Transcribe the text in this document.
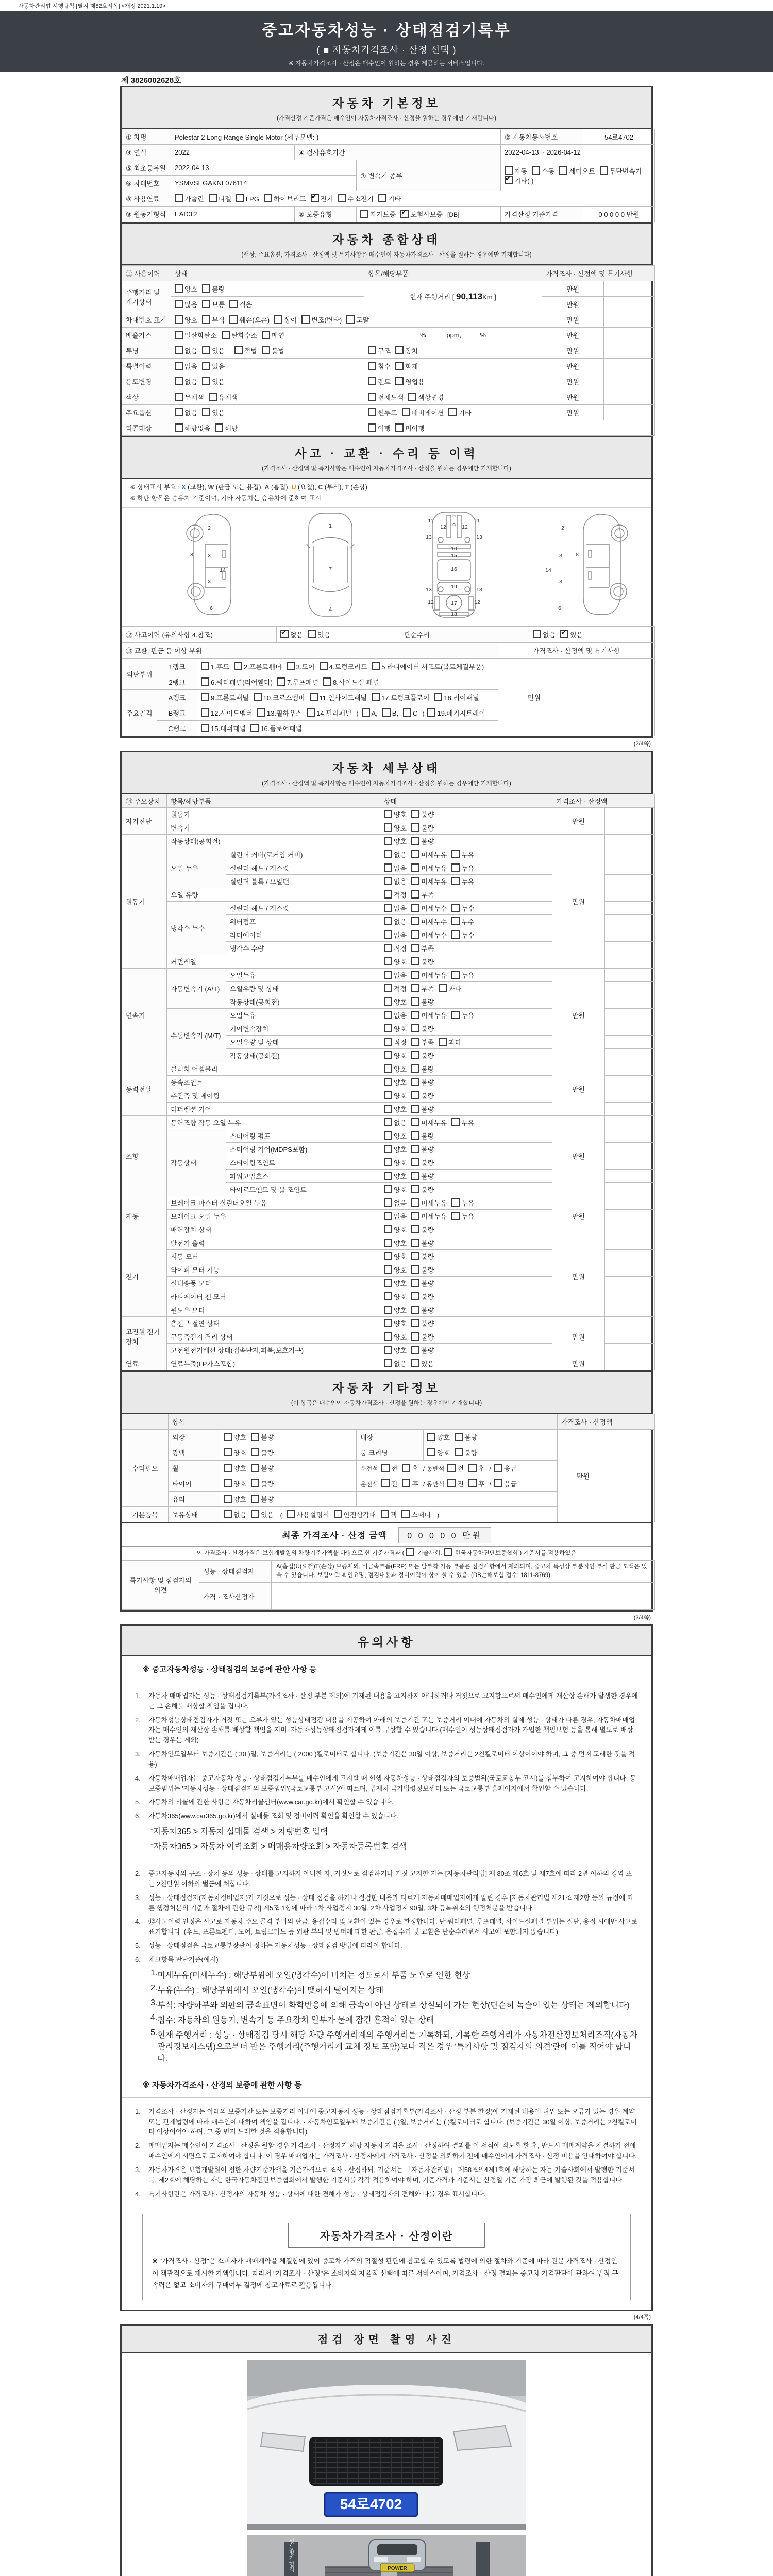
자동차관리법 시행규칙 [별지 제82호서식] <개정 2021.1.19>
중고자동차성능 · 상태점검기록부
( ■ 자동차가격조사 · 산정 선택 )
※ 자동차가격조사 · 산정은 매수인이 원하는 경우 제공하는 서비스입니다.
제 3826002628호
자동차 기본정보
(가격산정 기준가격은 매수인이 자동차가격조사 · 산정을 원하는 경우에만 기재합니다)
① 차명	Polestar 2 Long Range Single Motor (세부모델: )			② 자동차등록번호	54로4702
③ 연식	2022	④ 검사유효기간		2022-04-13 ~ 2026-04-12	
⑤ 최초등록일	2022-04-13		⑦ 변속기 종류	자동 수동 세미오토 무단변속기✔기타( )
⑥ 차대번호	YSMVSEGAKNL076114				
⑧ 사용연료	가솔린 디젤 LPG 하이브리드 ✔ 전기 수소전기 기타
⑨ 원동기형식	EAD3.2	⑩ 보증유형	자가보증 ✔ 보험사보증 [DB]	가격산정 기준가격	0 0 0 0 0 만원
자동차 종합상태
(색상, 주요옵션, 가격조사 · 산정액 및 특기사항은 매수인이 자동차가격조사 · 산정을 원하는 경우에만 기재합니다)
⑪ 사용이력	상태	항목/해당부품	가격조사 · 산정액 및 특기사항	
주행거리 및 계기상태	양호 불량	현재 주행거리 [ 90,113Km ]	만원	
	많음 보통 적음		만원	
차대번호 표기	양호 부식 훼손(오손) 상이 변조(변타) 도말		만원	
배출가스	일산화탄소 탄화수소 매연	%,          ppm,          %	만원	
튜닝	없음 있음 적법 불법	구조 장치	만원	
특별이력	없음 있음	침수 화재	만원	
용도변경	없음 있음	렌트 영업용	만원	
색상	무채색 유채색	전체도색 색상변경	만원	
주요옵션	없음 있음	썬루프 네비게이션 기타	만원	
리콜대상	해당없음 해당	이행 미이행		
사고 · 교환 · 수리 등 이력
(가격조사 · 산정액 및 특기사항은 매수인이 자동차가격조사 · 산정을 원하는 경우에만 기재합니다)
※ 상태표시 부호 : X (교환), W (판금 또는 용접), A (흠집), U (요철), C (부식), T (손상)
※ 하단 항목은 승용차 기준이며, 기타 자동차는 승용차에 준하여 표시
2
8	3
14
3
6
1
7
4
5
9
11	11
13
12	12
13
10
15
16
13	19	13
12	17	12
18
2
8
3
14
3
6
⑫ 사고이력 (유의사항 4.참조)	✔없음 있음	단순수리	없음 ✔ 있음
⑬ 교환, 판금 등 이상 부위	가격조사 · 산정액 및 특기사항
외판부위	1랭크	1.후드 2.프론트휀더 3.도어 4.트렁크리드 5.라디에이터 서포트(볼트체결부품)	만원	
	2랭크	6.쿼터패널(리어휀다) 7.루프패널 8.사이드실 패널		
주요골격	A랭크	9.프론트패널 10.크로스멤버 11.인사이드패널 17.트렁크플로어 18.리어패널		
	B랭크	12.사이드멤버 13.휠하우스 14.필러패널 ( A, B, C ) 19.패키지트레이		
	C랭크	15.대쉬패널 16.플로어패널		
(2/4쪽)
자동차 세부상태
(가격조사 · 산정액 및 특기사항은 매수인이 자동차가격조사 · 산정을 원하는 경우에만 기재합니다)
⑭ 주요장치	항목/해당부품		상태	가격조사 · 산정액	
자기진단	원동기		양호 불량	만원	
	변속기		양호 불량		
원동기	작동상태(공회전)		양호 불량	만원	
	오일 누유	실린더 커버(로커암 커버)	없음 미세누유 누유		
		실린더 헤드 / 개스킷	없음 미세누유 누유		
		실린더 블록 / 오일팬	없음 미세누유 누유		
	오일 유량		적정 부족		
	냉각수 누수	실린더 헤드 / 개스킷	없음 미세누수 누수		
		워터펌프	없음 미세누수 누수		
		라디에이터	없음 미세누수 누수		
		냉각수 수량	적정 부족		
	커먼레일		양호 불량		
변속기	자동변속기 (A/T)	오일누유	없음 미세누유 누유	만원	
		오일유량 및 상태	적정 부족 과다		
		작동상태(공회전)	양호 불량		
	수동변속기 (M/T)	오일누유	없음 미세누유 누유		
		기어변속장치	양호 불량		
		오일유량 및 상태	적정 부족 과다		
		작동상태(공회전)	양호 불량		
동력전달	클러치 어셈블리		양호 불량	만원	
	등속죠인트		양호 불량		
	추진축 및 베어링		양호 불량		
	디퍼렌셜 기어		양호 불량		
조향	동력조향 작동 오일 누유		없음 미세누유 누유	만원	
	작동상태	스티어링 펌프	양호 불량		
		스티어링 기어(MDPS포함)	양호 불량		
		스티어링조인트	양호 불량		
		파워고압호스	양호 불량		
		타이로드엔드 및 볼 조인트	양호 불량		
제동	브레이크 마스터 실린더오일 누유		없음 미세누유 누유	만원	
	브레이크 오일 누유		없음 미세누유 누유		
	배력장치 상태		양호 불량		
전기	발전기 출력		양호 불량	만원	
	시동 모터		양호 불량		
	와이퍼 모터 기능		양호 불량		
	실내송풍 모터		양호 불량		
	라디에이터 팬 모터		양호 불량		
	윈도우 모터		양호 불량		
고전원 전기장치	충전구 절연 상태		양호 불량	만원	
	구동축전지 격리 상태		양호 불량		
	고전원전기배선 상태(접속단자,피복,보호기구)		양호 불량		
연료	연료누출(LP가스포함)		없음 있음	만원	
자동차 기타정보
(이 항목은 매수인이 자동차가격조사 · 산정을 원하는 경우에만 기재합니다)
	항목				가격조사 · 산정액	
수리필요	외장	양호 불량	내장	양호 불량	만원	
	광택	양호 불량	룸 크리닝	양호 불량		
	휠	양호 불량	운전석 전 후 / 동반석 전 후 / 응급			
	타이어	양호 불량	운전석 전 후 / 동반석 전 후 / 응급			
	유리	양호 불량				
기본품목	보유상태	없음 있음 ( 사용설명서 안전삼각대 잭 스패너 )				
최종 가격조사 · 산정 금액 0 0 0 0 0 만원
이 가격조사 · 산정가격은 보험개발원의 차량기준가액을 바탕으로 한 기준가격과 ( 기술사회, 한국자동차진단보증협회 ) 기준서를 적용하였음
특기사항 및 점검자의 의견	성능 · 상태점검자	A(흠집)U(요철)T(손상) 보증제외, 비금속부품(FRP) 또는 탈부착 가능 부품은 점검사항에서 제외되며, 중고차 특성상 부분적인 부식 판금 도색은 있을 수 있습니다. 보험이력 확인요망, 점검내용과 정비이력이 상이 할 수 있음. (DB손해보험 접수: 1811-8769)
	가격 · 조사산정자	
(3/4쪽)
유의사항
※ 중고자동차성능 · 상태점검의 보증에 관한 사항 등
1.	자동차 매매업자는 성능 · 상태점검기록부(가격조사 · 산정 부분 제외)에 기재된 내용을 고지하지 아니하거나 거짓으로 고지함으로써 매수인에게 재산상 손해가 발생한 경우에는 그 손해를 배상할 책임을 집니다.
2.	자동차성능상태점검자가 거짓 또는 오류가 있는 성능상태점검 내용을 제공하여 아래의 보증기간 또는 보증거리 이내에 자동차의 실제 성능 · 상태가 다른 경우, 자동차매매업자는 매수인의 재산상 손해를 배상할 책임을 지며, 자동차성능상태점검자에게 이를 구상할 수 있습니다.(매수인이 성능상태점검자가 가입한 책임보험 등을 통해 별도로 배상받는 경우는 제외)
3.	자동차인도일부터 보증기간은 ( 30 )일, 보증거리는 ( 2000 )킬로미터로 합니다. (보증기간은 30일 이상, 보증거리는 2천킬로미터 이상이어야 하며, 그 중 먼저 도래한 것을 적용)
4.	자동차매매업자는 중고자동차 성능 · 상태점검기록부를 매수인에게 고지할 때 현행 자동차성능 · 상태점검자의 보증범위(국토교통부 고시)를 첨부하여 고지하여야 합니다. 동 보증범위는 '자동차성능 · 상태점검자의 보증범위'(국토교통부 고시)에 따르며, 법제처 국가법령정보센터 또는 국토교통부 홈페이지에서 확인할 수 있습니다.
5.	자동차의 리콜에 관한 사항은 자동차리콜센터(www.car.go.kr)에서 확인할 수 있습니다.
6.	자동차365(www.car365.go.kr)에서 실매물 조회 및 정비이력 확인을 확인할 수 있습니다.
- 자동차365 > 자동차 실매물 검색 > 차량번호 입력
- 자동차365 > 자동차 이력조회 > 매매용차량조회 > 자동차등록번호 검색
2.	중고자동차의 구조 · 장치 등의 성능 · 상태를 고지하지 아니한 자, 거짓으로 점검하거나 거짓 고지한 자는 [자동차관리법] 제 80조 제6호 및 제7호에 따라 2년 이하의 징역 또는 2천만원 이하의 벌금에 처합니다.
3.	성능 · 상태점검자(자동차정비업자)가 거짓으로 성능 · 상태 점검을 하거나 점검한 내용과 다르게 자동차매매업자에게 알린 경우 [자동차관리법 제21조 제2항 등의 규정에 따른 행정처분의 기준과 절차에 관한 규칙] 제5조 1항에 따라 1차 사업정지 30일, 2차 사업정지 90일, 3차 등록취소의 행정처분을 받습니다.
4.	⑫사고이력 인정은 사고로 자동차 주요 골격 부위의 판금, 용접수리 및 교환이 있는 경우로 한정합니다. 단 쿼터패널, 루프패널, 사이드실패널 부위는 절단, 용접 시에만 사고로 표기합니다. (후드, 프론트펜더, 도어, 트렁크리드 등 외판 부위 및 범퍼에 대한 판금, 용접수리 및 교환은 단순수리로서 사고에 포함되지 않습니다)
5.	성능 · 상태점검은 국토교통부장관이 정하는 자동차성능 · 상태점검 방법에 따라야 합니다.
6.	체크항목 판단기준(예시)
1. 미세누유(미세누수) : 해당부위에 오일(냉각수)이 비치는 정도로서 부품 노후로 인한 현상
2. 누유(누수) : 해당부위에서 오일(냉각수)이 맺혀서 떨어지는 상태
3. 부식: 차량하부와 외판의 금속표면이 화학반응에 의해 금속이 아닌 상태로 상실되어 가는 현상(단순히 녹슬어 있는 상태는 제외합니다)
4. 침수: 자동차의 원동기, 변속기 등 주요장치 일부가 물에 잠긴 흔적이 있는 상태
5. 현재 주행거리 : 성능 · 상태점검 당시 해당 차량 주행거리계의 주행거리를 기록하되, 기록한 주행거리가 자동차전산정보처리조직(자동차관리정보시스템)으로부터 받은 주행거리(주행거리계 교체 정보 포함)보다 적은 경우 '특기사항 및 점검자의 의견'란에 이를 적어야 합니다.
※ 자동차가격조사 · 산정의 보증에 관한 사항 등
1.	가격조사 · 산정자는 아래의 보증기간 또는 보증거리 이내에 중고자동차 성능 · 상태점검기록부(가격조사 · 산정 부분 한정)에 기재된 내용에 허위 또는 오류가 있는 경우 계약 또는 관계법령에 따라 매수인에 대하여 책임을 집니다. · 자동차인도일부터 보증기간은 ( )일, 보증거리는 ( )킬로미터로 합니다. (보증기간은 30일 이상, 보증거리는 2천킬로미터 이상이어야 하며, 그 중 먼저 도래한 것을 적용합니다)
2.	매매업자는 매수인이 가격조사 · 산정을 원할 경우 가격조사 · 산정자가 해당 자동차 가격을 조사 · 산정하여 결과를 이 서식에 적도록 한 후, 반드시 매매계약을 체결하기 전에 매수인에게 서면으로 고지하여야 합니다. 이 경우 매매업자는 가격조사 · 산정자에게 가격조사 · 산정을 의뢰하기 전에 매수인에게 가격조사 · 산정 비용을 안내하여야 합니다.
3.	자동차가격은 보험개발원이 정한 차량기준가액을 기준가격으로 조사 · 산정하되, 기준서는 「자동차관리법」 제58조의4제1호에 해당하는 자는 기술사회에서 발행한 기준서를, 제2호에 해당하는 자는 한국자동차진단보증협회에서 발행한 기준서를 각각 적용하여야 하며, 기준가격과 기준서는 산정일 기준 가장 최근에 발행된 것을 적용합니다.
4.	특기사항란은 가격조사 · 산정자의 자동차 성능 · 상태에 대한 견해가 성능 · 상태점검자의 견해와 다를 경우 표시합니다.
자동차가격조사 · 산정이란
※ "가격조사 · 산정"은 소비자가 매매계약을 체결함에 있어 중고차 가격의 적절성 판단에 참고할 수 있도록 법령에 의한 절차와 기준에 따라 전문 가격조사 · 산정인이 객관적으로 제시한 가액입니다. 따라서 "가격조사 · 산정"은 소비자의 자율적 선택에 따른 서비스이며, 가격조사 · 산정 결과는 중고차 가격판단에 관하여 법적 구속력은 없고 소비자의 구매여부 결정에 참고자료로 활용됩니다.
(4/4쪽)
점검 장면 촬영 사진
54로4702
POWER
성능평가협회
